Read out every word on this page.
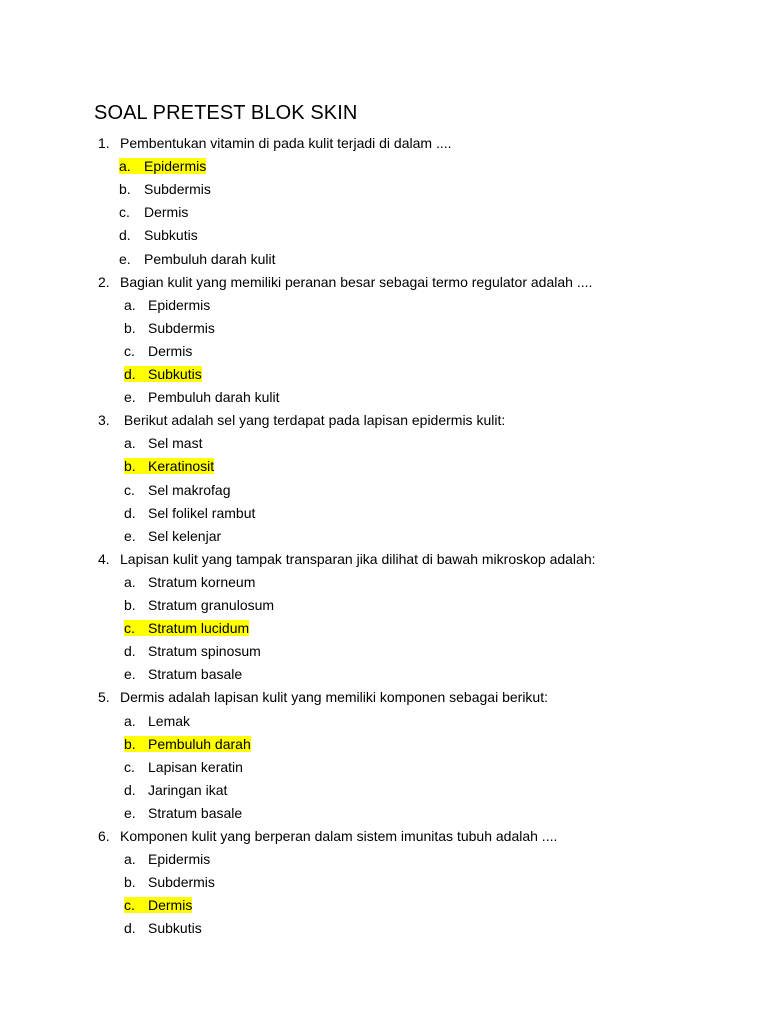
SOAL PRETEST BLOK SKIN
1. Pembentukan vitamin di pada kulit terjadi di dalam ....
a. Epidermis
b. Subdermis
c. Dermis
d. Subkutis
e. Pembuluh darah kulit
2. Bagian kulit yang memiliki peranan besar sebagai termo regulator adalah ....
a. Epidermis
b. Subdermis
c. Dermis
d. Subkutis
e. Pembuluh darah kulit
3. Berikut adalah sel yang terdapat pada lapisan epidermis kulit:
a. Sel mast
b. Keratinosit
c. Sel makrofag
d. Sel folikel rambut
e. Sel kelenjar
4. Lapisan kulit yang tampak transparan jika dilihat di bawah mikroskop adalah:
a. Stratum korneum
b. Stratum granulosum
c. Stratum lucidum
d. Stratum spinosum
e. Stratum basale
5. Dermis adalah lapisan kulit yang memiliki komponen sebagai berikut:
a. Lemak
b. Pembuluh darah
c. Lapisan keratin
d. Jaringan ikat
e. Stratum basale
6. Komponen kulit yang berperan dalam sistem imunitas tubuh adalah ....
a. Epidermis
b. Subdermis
c. Dermis
d. Subkutis
